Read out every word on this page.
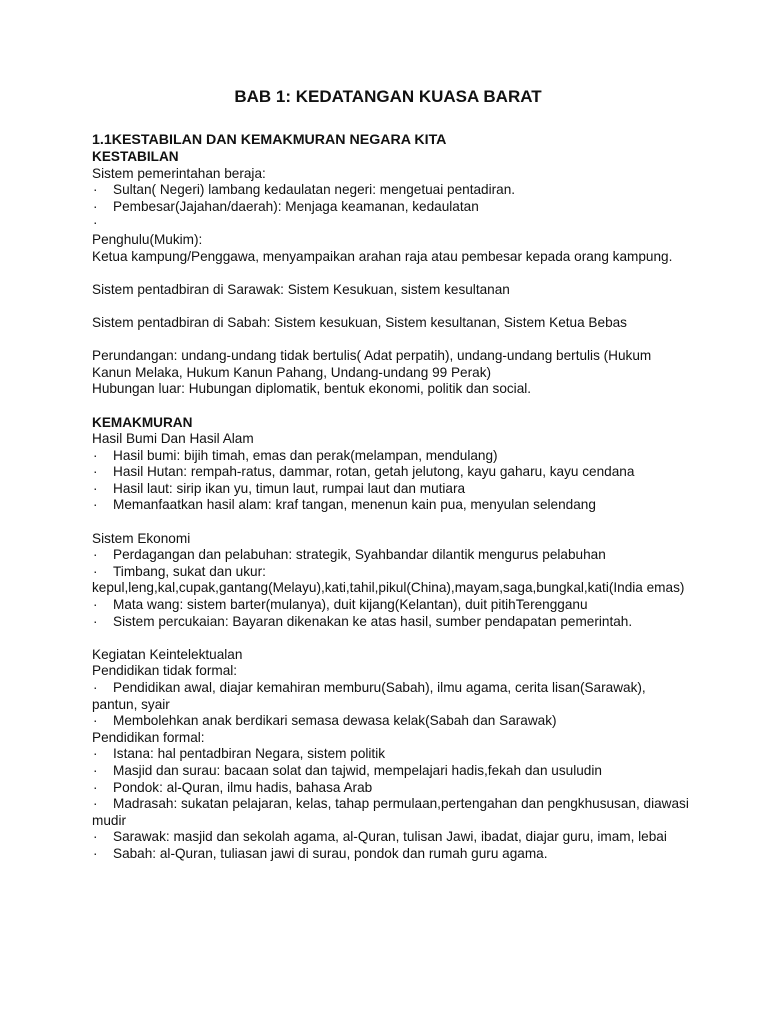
BAB 1: KEDATANGAN KUASA BARAT
1.1KESTABILAN DAN KEMAKMURAN NEGARA KITA
KESTABILAN
Sistem pemerintahan beraja:
· Sultan( Negeri) lambang kedaulatan negeri: mengetuai pentadiran.
· Pembesar(Jajahan/daerah): Menjaga keamanan, kedaulatan
·

Penghulu(Mukim):
Ketua kampung/Penggawa, menyampaikan arahan raja atau pembesar kepada orang kampung.
Sistem pentadbiran di Sarawak: Sistem Kesukuan, sistem kesultanan
Sistem pentadbiran di Sabah: Sistem kesukuan, Sistem kesultanan, Sistem Ketua Bebas
Perundangan: undang-undang tidak bertulis( Adat perpatih), undang-undang bertulis (Hukum Kanun Melaka, Hukum Kanun Pahang, Undang-undang 99 Perak)
Hubungan luar: Hubungan diplomatik, bentuk ekonomi, politik dan social.
KEMAKMURAN
Hasil Bumi Dan Hasil Alam
· Hasil bumi: bijih timah, emas dan perak(melampan, mendulang)
· Hasil Hutan: rempah-ratus, dammar, rotan, getah jelutong, kayu gaharu, kayu cendana
· Hasil laut: sirip ikan yu, timun laut, rumpai laut dan mutiara
· Memanfaatkan hasil alam: kraf tangan, menenun kain pua, menyulan selendang
Sistem Ekonomi
· Perdagangan dan pelabuhan: strategik, Syahbandar dilantik mengurus pelabuhan
· Timbang, sukat dan ukur:
kepul,leng,kal,cupak,gantang(Melayu),kati,tahil,pikul(China),mayam,saga,bungkal,kati(India emas)
· Mata wang: sistem barter(mulanya), duit kijang(Kelantan), duit pitihTerengganu
· Sistem percukaian: Bayaran dikenakan ke atas hasil, sumber pendapatan pemerintah.
Kegiatan Keintelektualan
Pendidikan tidak formal:
· Pendidikan awal, diajar kemahiran memburu(Sabah), ilmu agama, cerita lisan(Sarawak), pantun, syair
· Membolehkan anak berdikari semasa dewasa kelak(Sabah dan Sarawak)
Pendidikan formal:
· Istana: hal pentadbiran Negara, sistem politik
· Masjid dan surau: bacaan solat dan tajwid, mempelajari hadis,fekah dan usuludin
· Pondok: al-Quran, ilmu hadis, bahasa Arab
· Madrasah: sukatan pelajaran, kelas, tahap permulaan,pertengahan dan pengkhususan, diawasi mudir
· Sarawak: masjid dan sekolah agama, al-Quran, tulisan Jawi, ibadat, diajar guru, imam, lebai
· Sabah: al-Quran, tuliasan jawi di surau, pondok dan rumah guru agama.
